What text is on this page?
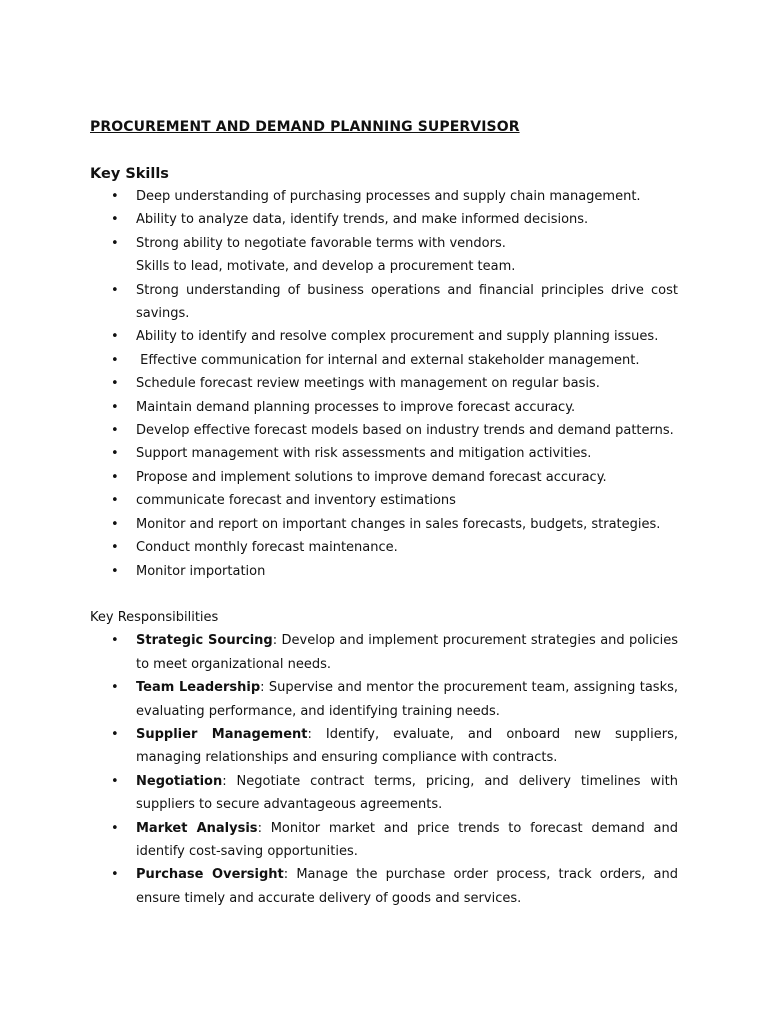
PROCUREMENT AND DEMAND PLANNING SUPERVISOR
Key Skills
• Deep understanding of purchasing processes and supply chain management.
• Ability to analyze data, identify trends, and make informed decisions.
• Strong ability to negotiate favorable terms with vendors.
Skills to lead, motivate, and develop a procurement team.
• Strong understanding of business operations and financial principles drive cost savings.
• Ability to identify and resolve complex procurement and supply planning issues.
• Effective communication for internal and external stakeholder management.
• Schedule forecast review meetings with management on regular basis.
• Maintain demand planning processes to improve forecast accuracy.
• Develop effective forecast models based on industry trends and demand patterns.
• Support management with risk assessments and mitigation activities.
• Propose and implement solutions to improve demand forecast accuracy.
• communicate forecast and inventory estimations
• Monitor and report on important changes in sales forecasts, budgets, strategies.
• Conduct monthly forecast maintenance.
• Monitor importation
Key Responsibilities
• Strategic Sourcing: Develop and implement procurement strategies and policies to meet organizational needs.
• Team Leadership: Supervise and mentor the procurement team, assigning tasks, evaluating performance, and identifying training needs.
• Supplier Management: Identify, evaluate, and onboard new suppliers, managing relationships and ensuring compliance with contracts.
• Negotiation: Negotiate contract terms, pricing, and delivery timelines with suppliers to secure advantageous agreements.
• Market Analysis: Monitor market and price trends to forecast demand and identify cost-saving opportunities.
• Purchase Oversight: Manage the purchase order process, track orders, and ensure timely and accurate delivery of goods and services.
